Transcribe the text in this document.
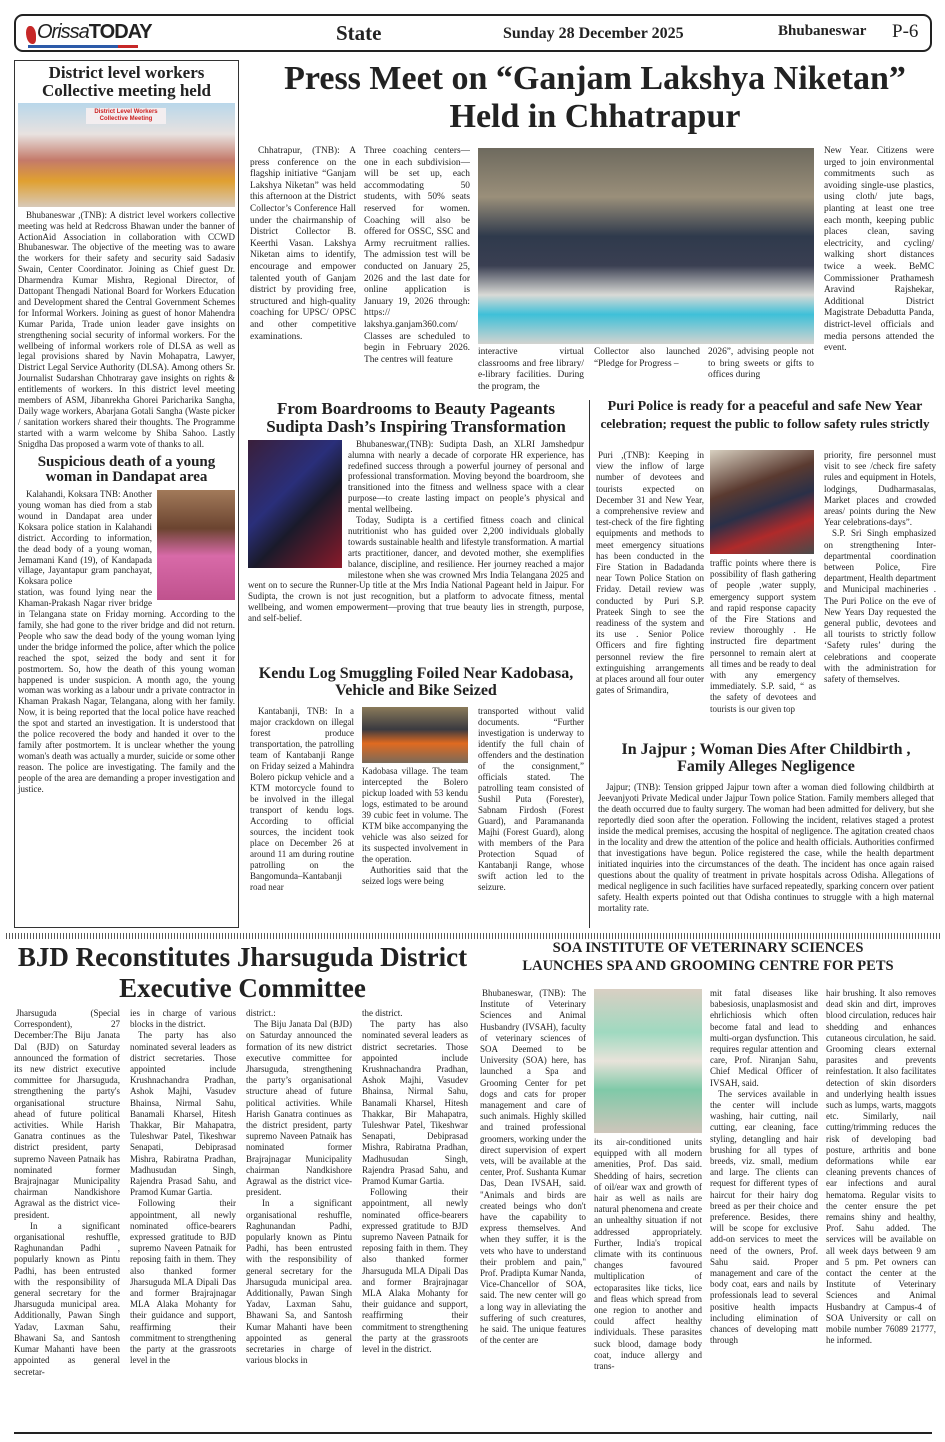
Orissa TODAY	State	Sunday 28 December 2025	Bhubaneswar P-6
District level workers Collective meeting held
District Level Workers Collective Meeting

Bhubaneswar ,(TNB): A district level workers collective meeting was held at Redcross Bhawan under the banner of ActionAid Association in collaboration with CCWD Bhubaneswar. The objective of the meeting was to aware the workers for their safety and security said Sadasiv Swain, Center Coordinator. Joining as Chief guest Dr. Dharmendra Kumar Mishra, Regional Director, of Dattopant Thengadi National Board for Workers Education and Development shared the Central Government Schemes for Informal Workers. Joining as guest of honor Mahendra Kumar Parida, Trade union leader gave insights on strengthening social security of informal workers. For the wellbeing of informal workers role of DLSA as well as legal provisions shared by Navin Mohapatra, Lawyer, District Legal Service Authority (DLSA). Among others Sr. Journalist Sudarshan Chhotraray gave insights on rights & entitlements of workers. In this district level meeting members of ASM, Jibanrekha Ghorei Paricharika Sangha, Daily wage workers, Abarjana Gotali Sangha (Waste picker / sanitation workers shared their thoughts. The Programme started with a warm welcome by Shiba Sahoo. Lastly Snigdha Das proposed a warm vote of thanks to all.

Suspicious death of a young woman in Dandapat area

Kalahandi, Koksara TNB: Another young woman has died from a stab wound in Dandapat area under Koksara police station in Kalahandi district. According to information, the dead body of a young woman, Jemamani Kand (19), of Kandapada village, Jayantapur gram panchayat, Koksara police

station, was found lying near the Khaman-Prakash Nagar river bridge in Telangana state on Friday morning. According to the family, she had gone to the river bridge and did not return. People who saw the dead body of the young woman lying under the bridge informed the police, after which the police reached the spot, seized the body and sent it for postmortem. So, how the death of this young woman happened is under suspicion. A month ago, the young woman was working as a labour undr a private contractor in Khaman Prakash Nagar, Telangana, along with her family. Now, it is being reported that the local police have reached the spot and started an investigation. It is understood that the police recovered the body and handed it over to the family after postmortem. It is unclear whether the young woman's death was actually a murder, suicide or some other reason. The police are investigating. The family and the people of the area are demanding a proper investigation and justice.

Press Meet on “Ganjam Lakshya Niketan” Held in Chhatrapur

Chhatrapur, (TNB): A press conference on the flagship initiative “Ganjam Lakshya Niketan” was held this afternoon at the District Collector’s Conference Hall under the chairmanship of District Collector B. Keerthi Vasan. Lakshya Niketan aims to identify, encourage and empower talented youth of Ganjam district by providing free, structured and high-quality coaching for UPSC/ OPSC and other competitive examinations.

Three coaching centers—one in each subdivision—will be set up, each accommodating 50 students, with 50% seats reserved for women. Coaching will also be offered for OSSC, SSC and Army recruitment rallies. The admission test will be conducted on January 25, 2026 and the last date for online application is January 19, 2026 through: https:// lakshya.ganjam360.com/ Classes are scheduled to begin in February 2026. The centres will feature

interactive virtual classrooms and free library/ e-library facilities. During the program, the

Collector also launched “Pledge for Progress –

2026”, advising people not to bring sweets or gifts to offices during

New Year. Citizens were urged to join environmental commitments such as avoiding single-use plastics, using cloth/ jute bags, planting at least one tree each month, keeping public places clean, saving electricity, and cycling/ walking short distances twice a week. BeMC Commissioner Prathamesh Aravind Rajshekar, Additional District Magistrate Debadutta Panda, district-level officials and media persons attended the event.

From Boardrooms to Beauty Pageants
Sudipta Dash’s Inspiring Transformation

Bhubaneswar,(TNB): Sudipta Dash, an XLRI Jamshedpur alumna with nearly a decade of corporate HR experience, has redefined success through a powerful journey of personal and professional transformation. Moving beyond the boardroom, she transitioned into the fitness and wellness space with a clear purpose—to create lasting impact on people’s physical and mental wellbeing.

Today, Sudipta is a certified fitness coach and clinical nutritionist who has guided over 2,200 individuals globally towards sustainable health and lifestyle transformation. A martial arts practitioner, dancer, and devoted mother, she exemplifies balance, discipline, and resilience. Her journey reached a major milestone when she was crowned Mrs India Telangana 2025 and went on to secure the Runner-Up title at the Mrs India National Pageant held in Jaipur. For Sudipta, the crown is not just recognition, but a platform to advocate fitness, mental wellbeing, and women empowerment—proving that true beauty lies in strength, purpose, and self-belief.

Kendu Log Smuggling Foiled Near Kadobasa, Vehicle and Bike Seized

Kantabanji, TNB: In a major crackdown on illegal forest produce transportation, the patrolling team of Kantabanji Range on Friday seized a Mahindra Bolero pickup vehicle and a KTM motorcycle found to be involved in the illegal transport of kendu logs. According to official sources, the incident took place on December 26 at around 11 am during routine patrolling on the Bangomunda–Kantabanji road near

Kadobasa village. The team intercepted the Bolero pickup loaded with 53 kendu logs, estimated to be around 39 cubic feet in volume. The KTM bike accompanying the vehicle was also seized for its suspected involvement in the operation.

Authorities said that the seized logs were being

transported without valid documents. “Further investigation is underway to identify the full chain of offenders and the destination of the consignment,” officials stated. The patrolling team consisted of Sushil Puta (Forester), Sabnam Firdosh (Forest Guard), and Paramananda Majhi (Forest Guard), along with members of the Para Protection Squad of Kantabanji Range, whose swift action led to the seizure.

Puri Police is ready for a peaceful and safe New Year
celebration; request the public to follow safety rules strictly

Puri ,(TNB): Keeping in view the inflow of large number of devotees and tourists expected on December 31 and New Year, a comprehensive review and test-check of the fire fighting equipments and methods to meet emergency situations has been conducted in the Fire Station in Badadanda near Town Police Station on Friday. Detail review was conducted by Puri S.P. Prateek Singh to see the readiness of the system and its use . Senior Police Officers and fire fighting personnel review the fire extinguishing arrangements at places around all four outer gates of Srimandira,

traffic points where there is possibility of flash gathering of people ,water supply, emergency support system and rapid response capacity of the Fire Stations and review thoroughly . He instructed fire department personnel to remain alert at all times and be ready to deal with any emergency immediately. S.P. said, “ as the safety of devotees and tourists is our given top

priority, fire personnel must visit to see /check fire safety rules and equipment in Hotels, lodgings, Dudharmasalas, Market places and crowded areas/ points during the New Year celebrations-days”.

S.P. Sri Singh emphasized on strengthening Inter-departmental coordination between Police, Fire department, Health department and Municipal machineries . The Puri Police on the eve of New Years Day requested the general public, devotees and all tourists to strictly follow ‘Safety rules’ during the celebrations and cooperate with the administration for safety of themselves.

In Jajpur ; Woman Dies After Childbirth , Family Alleges Negligence

Jajpur; (TNB): Tension gripped Jajpur town after a woman died following childbirth at Jeevanjyoti Private Medical under Jajpur Town police Station. Family members alleged that the death occurred due to faulty surgery. The woman had been admitted for delivery, but she reportedly died soon after the operation. Following the incident, relatives staged a protest inside the medical premises, accusing the hospital of negligence. The agitation created chaos in the locality and drew the attention of the police and health officials. Authorities confirmed that investigations have begun. Police registered the case, while the health department initiated inquiries into the circumstances of the death. The incident has once again raised questions about the quality of treatment in private hospitals across Odisha. Allegations of medical negligence in such facilities have surfaced repeatedly, sparking concern over patient safety. Health experts pointed out that Odisha continues to struggle with a high maternal mortality rate.

BJD Reconstitutes Jharsuguda District Executive Committee

Jharsuguda (Special Correspondent), 27 December:The Biju Janata Dal (BJD) on Saturday announced the formation of its new district executive committee for Jharsuguda, strengthening the party's organisational structure ahead of future political activities. While Harish Ganatra continues as the district president, party supremo Naveen Patnaik has nominated former Brajrajnagar Municipality chairman Nandkishore Agrawal as the district vice-president.

In a significant organisational reshuffle, Raghunandan Padhi , popularly known as Pintu Padhi, has been entrusted with the responsibility of general secretary for the Jharsuguda municipal area. Additionally, Pawan Singh Yadav, Laxman Sahu, Bhawani Sa, and Santosh Kumar Mahanti have been appointed as general secretar-

ies in charge of various blocks in the district.

The party has also nominated several leaders as district secretaries. Those appointed include Krushnachandra Pradhan, Ashok Majhi, Vasudev Bhainsa, Nirmal Sahu, Banamali Kharsel, Hitesh Thakkar, Bir Mahapatra, Tuleshwar Patel, Tikeshwar Senapati, Debiprasad Mishra, Rabiratna Pradhan, Madhusudan Singh, Rajendra Prasad Sahu, and Pramod Kumar Gartia.

Following their appointment, all newly nominated office-bearers expressed gratitude to BJD supremo Naveen Patnaik for reposing faith in them. They also thanked former Jharsuguda MLA Dipali Das and former Brajrajnagar MLA Alaka Mohanty for their guidance and support, reaffirming their commitment to strengthening the party at the grassroots level in the

district.:

The Biju Janata Dal (BJD) on Saturday announced the formation of its new district executive committee for Jharsuguda, strengthening the party’s organisational structure ahead of future political activities. While Harish Ganatra continues as the district president, party supremo Naveen Patnaik has nominated former Brajrajnagar Municipality chairman Nandkishore Agrawal as the district vice-president.

In a significant organisational reshuffle, Raghunandan Padhi, popularly known as Pintu Padhi, has been entrusted with the responsibility of general secretary for the Jharsuguda municipal area. Additionally, Pawan Singh Yadav, Laxman Sahu, Bhawani Sa, and Santosh Kumar Mahanti have been appointed as general secretaries in charge of various blocks in

the district.

The party has also nominated several leaders as district secretaries. Those appointed include Krushnachandra Pradhan, Ashok Majhi, Vasudev Bhainsa, Nirmal Sahu, Banamali Kharsel, Hitesh Thakkar, Bir Mahapatra, Tuleshwar Patel, Tikeshwar Senapati, Debiprasad Mishra, Rabiratna Pradhan, Madhusudan Singh, Rajendra Prasad Sahu, and Pramod Kumar Gartia.

Following their appointment, all newly nominated office-bearers expressed gratitude to BJD supremo Naveen Patnaik for reposing faith in them. They also thanked former Jharsuguda MLA Dipali Das and former Brajrajnagar MLA Alaka Mohanty for their guidance and support, reaffirming their commitment to strengthening the party at the grassroots level in the district.

SOA INSTITUTE OF VETERINARY SCIENCES
LAUNCHES SPA AND GROOMING CENTRE FOR PETS

Bhubaneswar, (TNB): The Institute of Veterinary Sciences and Animal Husbandry (IVSAH), faculty of veterinary sciences of SOA Deemed to be University (SOA) here, has launched a Spa and Grooming Center for pet dogs and cats for proper management and care of such animals. Highly skilled and trained professional groomers, working under the direct supervision of expert vets, will be available at the center, Prof. Sushanta Kumar Das, Dean IVSAH, said. "Animals and birds are created beings who don't have the capability to express themselves. And when they suffer, it is the vets who have to understand their problem and pain," Prof. Pradipta Kumar Nanda, Vice-Chancellor of SOA, said. The new center will go a long way in alleviating the suffering of such creatures, he said. The unique features of the center are

its air-conditioned units equipped with all modern amenities, Prof. Das said. Shedding of hairs, secretion of oil/ear wax and growth of hair as well as nails are natural phenomena and create an unhealthy situation if not addressed appropriately. Further, India's tropical climate with its continuous changes favoured multiplication of ectoparasites like ticks, lice and fleas which spread from one region to another and could affect healthy individuals. These parasites suck blood, damage body coat, induce allergy and trans-

mit fatal diseases like babesiosis, unaplasmosist and ehrlichiosis which often become fatal and lead to multi-organ dysfunction. This requires regular attention and care, Prof. Niranjan Sahu, Chief Medical Officer of IVSAH, said.

The services available in the center will include washing, hair cutting, nail cutting, ear cleaning, face styling, detangling and hair brushing for all types of breeds, viz. small, medium and large. The clients can request for different types of haircut for their hairy dog breed as per their choice and preference. Besides, there will be scope for exclusive add-on services to meet the need of the owners, Prof. Sahu said. Proper management and care of the body coat, ears and nails by professionals lead to several positive health impacts including elimination of chances of developing matt through

hair brushing. It also removes dead skin and dirt, improves blood circulation, reduces hair shedding and enhances cutaneous circulation, he said. Grooming clears external parasites and prevents reinfestation. It also facilitates detection of skin disorders and underlying health issues such as lumps, warts, maggots etc. Similarly, nail cutting/trimming reduces the risk of developing bad posture, arthritis and bone deformations while ear cleaning prevents chances of ear infections and aural hematoma. Regular visits to the center ensure the pet remains shiny and healthy, Prof. Sahu added. The services will be available on all week days between 9 am and 5 pm. Pet owners can contact the center at the Institute of Veterinary Sciences and Animal Husbandry at Campus-4 of SOA University or call on mobile number 76089 21777, he informed.
